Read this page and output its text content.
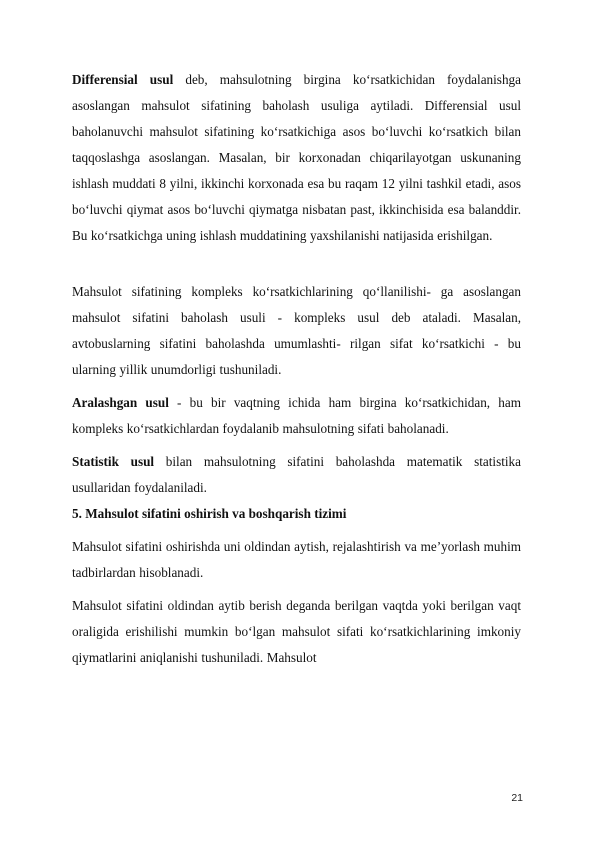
Differensial usul deb, mahsulotning birgina ko‘rsatkichidan foydalanishga asoslangan mahsulot sifatining baholash usuliga aytiladi. Differensial usul baholanuvchi mahsulot sifatining ko‘rsatkichiga asos bo‘luvchi ko‘rsatkich bilan taqqoslashga asoslangan. Masalan, bir korxonadan chiqarilayotgan uskunaning ishlash muddati 8 yilni, ikkinchi korxonada esa bu raqam 12 yilni tashkil etadi, asos bo‘luvchi qiymat asos bo‘luvchi qiymatga nisbatan past, ikkinchisida esa balanddir. Bu ko‘rsatkichga uning ishlash muddatining yaxshilanishi natijasida erishilgan.

Mahsulot sifatining kompleks ko‘rsatkichlarining qo‘llanilishi- ga asoslangan mahsulot sifatini baholash usuli - kompleks usul deb ataladi. Masalan, avtobuslarning sifatini baholashda umumlashti- rilgan sifat ko‘rsatkichi - bu ularning yillik unumdorligi tushuniladi.

Aralashgan usul - bu bir vaqtning ichida ham birgina ko‘rsatkichidan, ham kompleks ko‘rsatkichlardan foydalanib mahsulotning sifati baholanadi.

Statistik usul bilan mahsulotning sifatini baholashda matematik statistika usullaridan foydalaniladi.

5. Mahsulot sifatini oshirish va boshqarish tizimi

Mahsulot sifatini oshirishda uni oldindan aytish, rejalashtirish va me’yorlash muhim tadbirlardan hisoblanadi.

Mahsulot sifatini oldindan aytib berish deganda berilgan vaqtda yoki berilgan vaqt oraligida erishilishi mumkin bo‘lgan mahsulot sifati ko‘rsatkichlarining imkoniy qiymatlarini aniqlanishi tushuniladi. Mahsulot

21
